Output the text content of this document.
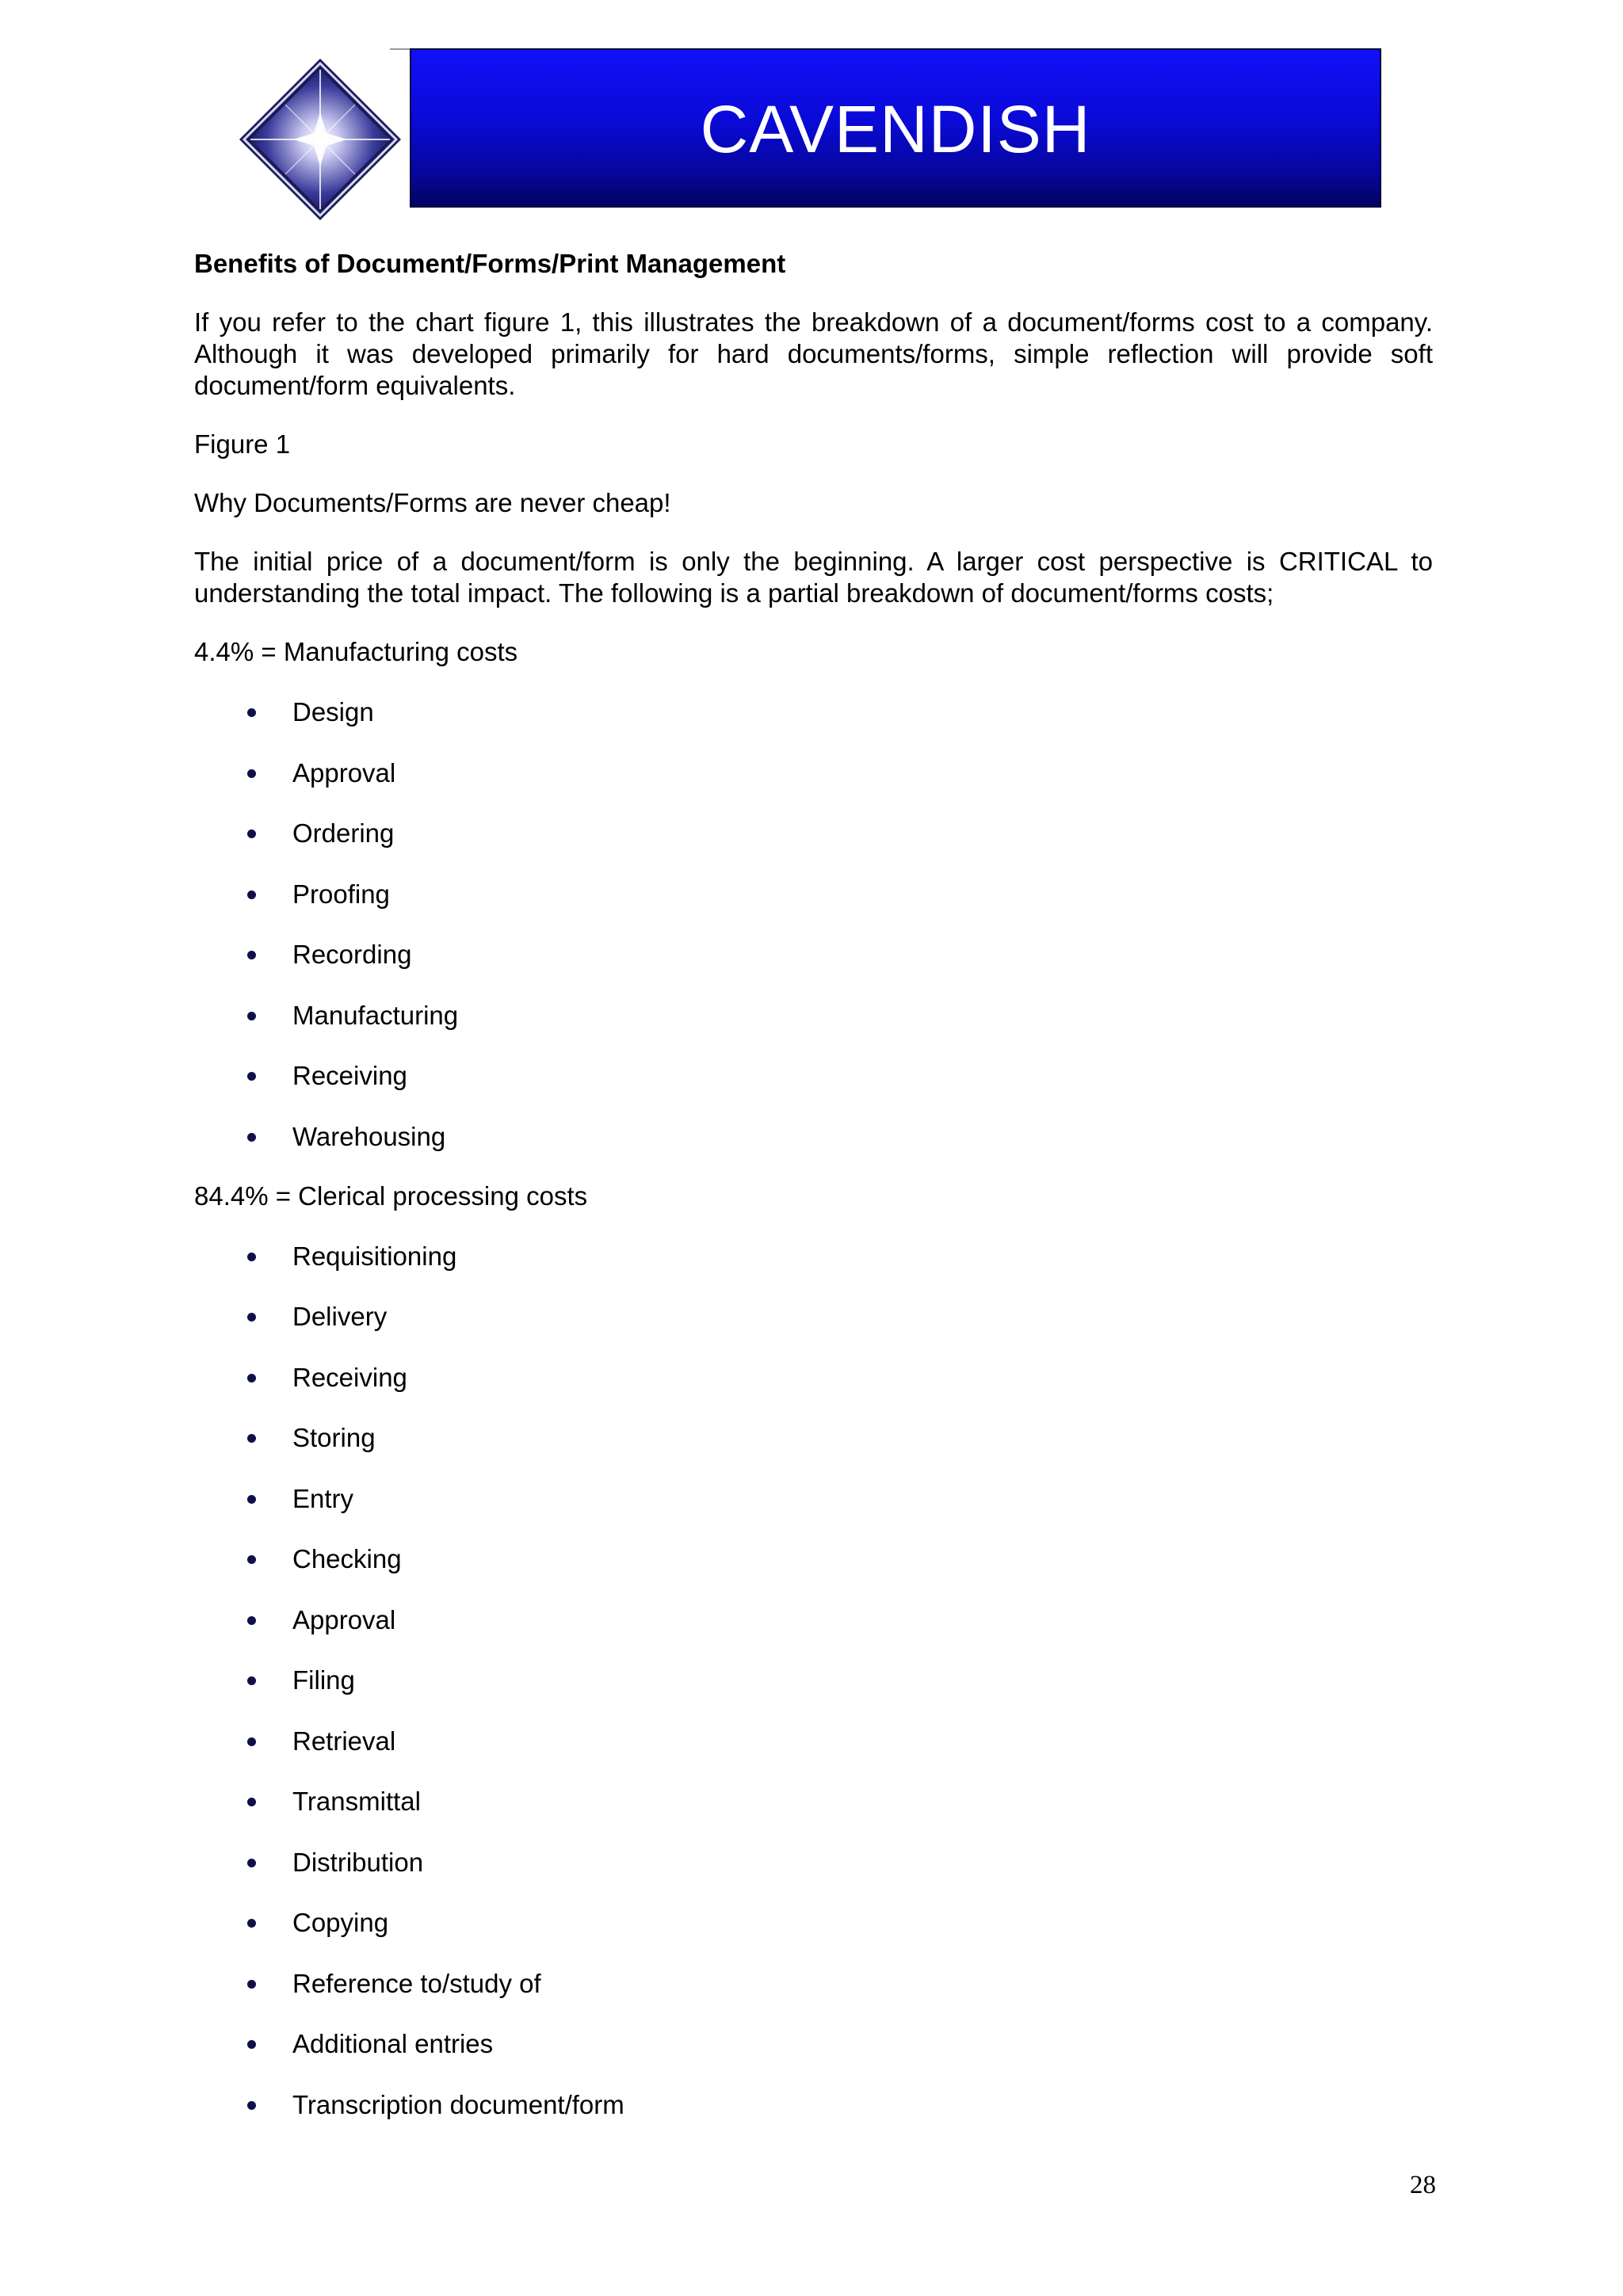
CAVENDISH

Benefits of Document/Forms/Print Management

If you refer to the chart figure 1, this illustrates the breakdown of a document/forms cost to a company. Although it was developed primarily for hard documents/forms, simple reflection will provide soft document/form equivalents.

Figure 1

Why Documents/Forms are never cheap!

The initial price of a document/form is only the beginning. A larger cost perspective is CRITICAL to understanding the total impact. The following is a partial breakdown of document/forms costs;

4.4% = Manufacturing costs

Design
Approval
Ordering
Proofing
Recording
Manufacturing
Receiving
Warehousing

84.4% = Clerical processing costs

Requisitioning
Delivery
Receiving
Storing
Entry
Checking
Approval
Filing
Retrieval
Transmittal
Distribution
Copying
Reference to/study of
Additional entries
Transcription document/form
28
